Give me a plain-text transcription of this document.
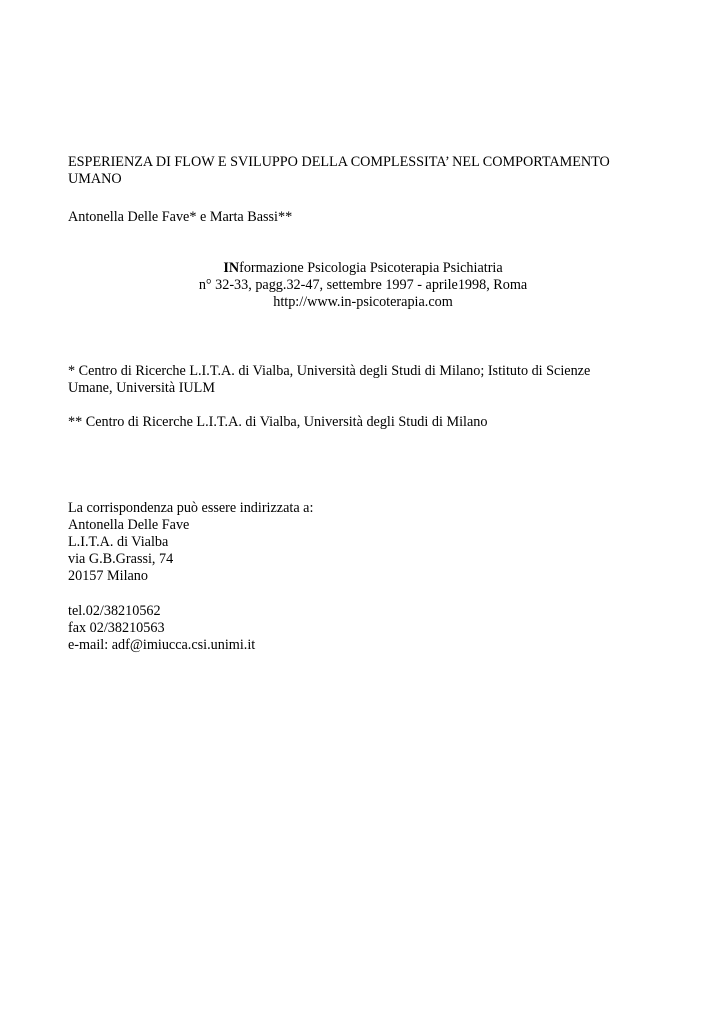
ESPERIENZA DI FLOW E SVILUPPO DELLA COMPLESSITA’ NEL COMPORTAMENTO
UMANO
Antonella Delle Fave* e Marta Bassi**
INformazione Psicologia Psicoterapia Psichiatria
n° 32-33, pagg.32-47, settembre 1997 - aprile1998, Roma
http://www.in-psicoterapia.com
* Centro di Ricerche L.I.T.A. di Vialba, Università degli Studi di Milano; Istituto di Scienze
Umane, Università IULM
** Centro di Ricerche L.I.T.A. di Vialba, Università degli Studi di Milano
La corrispondenza può essere indirizzata a:
Antonella Delle Fave
L.I.T.A. di Vialba
via G.B.Grassi, 74
20157 Milano
tel.02/38210562
fax 02/38210563
e-mail: adf@imiucca.csi.unimi.it
